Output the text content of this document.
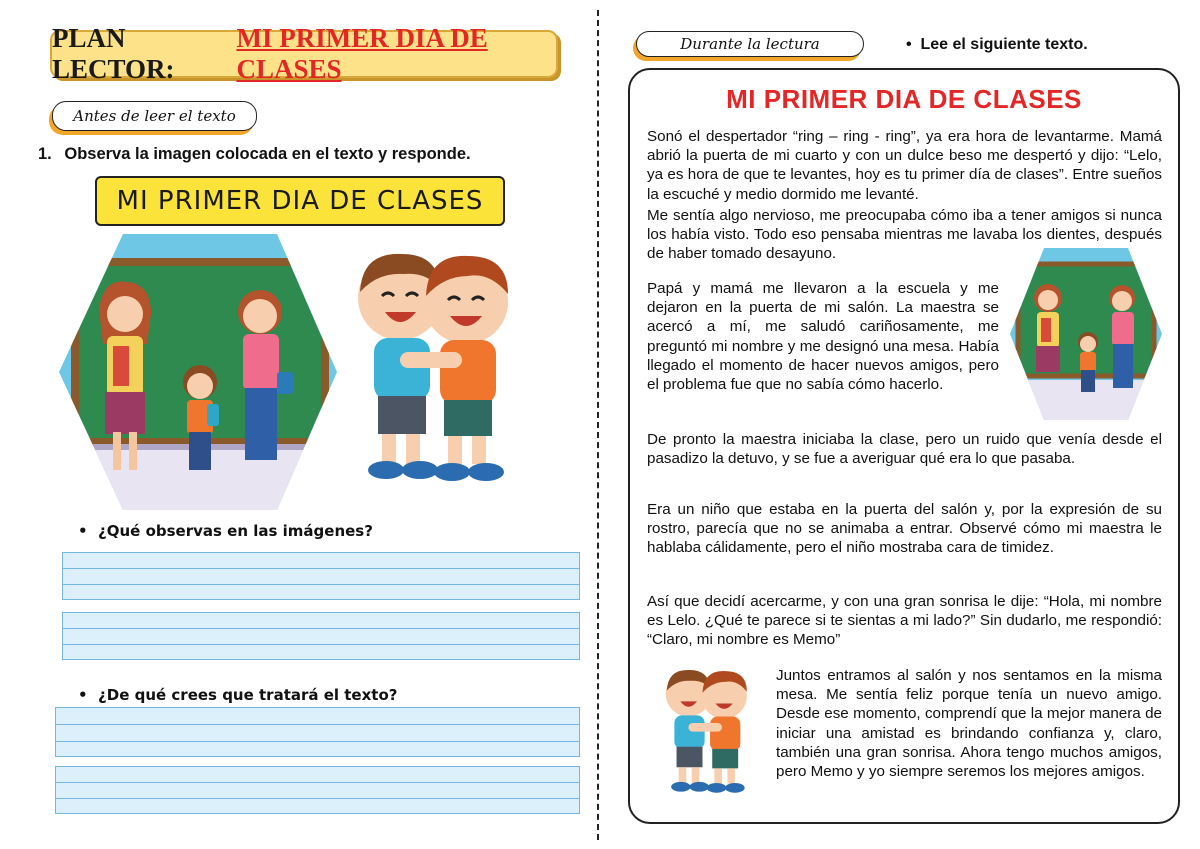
PLAN LECTOR:
MI PRIMER DIA DE CLASES
Antes de leer el texto
1. Observa la imagen colocada en el texto y responde.
MI PRIMER DIA DE CLASES
•  ¿Qué observas en las imágenes?
•  ¿De qué crees que tratará el texto?
Durante la lectura	•  Lee el siguiente texto.
MI PRIMER DIA DE CLASES
Sonó el despertador “ring – ring - ring”, ya era hora de levantarme. Mamá abrió la puerta de mi cuarto y con un dulce beso me despertó y dijo: “Lelo, ya es hora de que te levantes, hoy es tu primer día de clases”. Entre sueños la escuché y medio dormido me levanté.
Me sentía algo nervioso, me preocupaba cómo iba a tener amigos si nunca los había visto. Todo eso pensaba mientras me lavaba los dientes, después de haber tomado desayuno.
Papá y mamá me llevaron a la escuela y me dejaron en la puerta de mi salón. La maestra se acercó a mí, me saludó cariñosamente, me preguntó mi nombre y me designó una mesa. Había llegado el momento de hacer nuevos amigos, pero el problema fue que no sabía cómo hacerlo.
De pronto la maestra iniciaba la clase, pero un ruido que venía desde el pasadizo la detuvo, y se fue a averiguar qué era lo que pasaba.
Era un niño que estaba en la puerta del salón y, por la expresión de su rostro, parecía que no se animaba a entrar. Observé cómo mi maestra le hablaba cálidamente, pero el niño mostraba cara de timidez.
Así que decidí acercarme, y con una gran sonrisa le dije: “Hola, mi nombre es Lelo. ¿Qué te parece si te sientas a mi lado?” Sin dudarlo, me respondió: “Claro, mi nombre es Memo”
Juntos entramos al salón y nos sentamos en la misma mesa. Me sentía feliz porque tenía un nuevo amigo. Desde ese momento, comprendí que la mejor manera de iniciar una amistad es brindando confianza y, claro, también una gran sonrisa. Ahora tengo muchos amigos, pero Memo y yo siempre seremos los mejores amigos.
